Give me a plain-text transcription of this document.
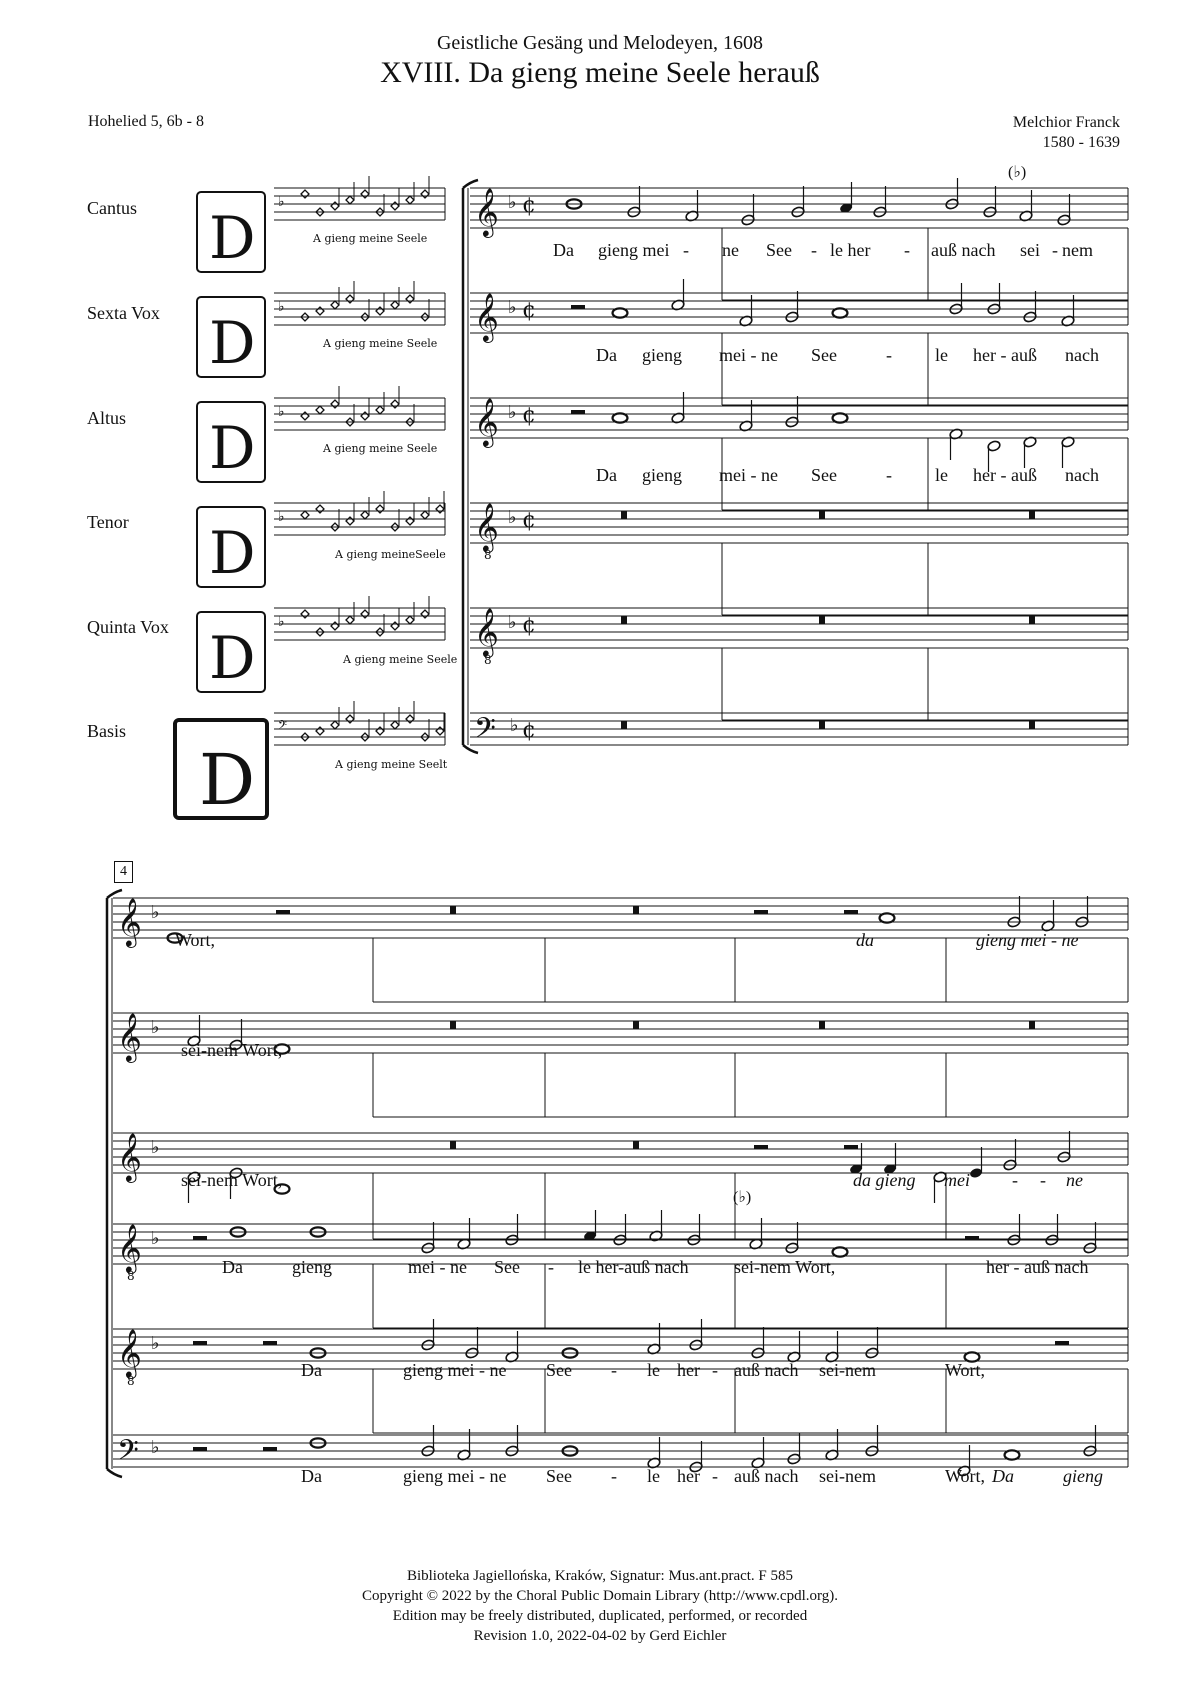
Geistliche Gesäng und Melodeyen, 1608
XVIII. Da gieng meine Seele herauß
Hohelied 5, 6b - 8	Melchior Franck
1580 - 1639
Cantus
Sexta Vox
Altus
Tenor
Quinta Vox
Basis
A gieng meine Seele
A gieng meine Seele
A gieng meine Seele
A gieng meineSeele
A gieng meine Seele
A gieng meine Seelt
D
D
D
D
D
D
♭
♭
♭
♭
♭
𝄢
𝄞 ♭ ¢
𝄞 ♭ ¢
𝄞 ♭ ¢
𝄞
8
♭ ¢
𝄞
8
♭ ¢
𝄢 ♭ ¢
𝄞 ♭
𝄞 ♭
𝄞 ♭
𝄞
8
♭
𝄞
8
♭
𝄢 ♭
Da gieng mei - ne See - le her - auß nach sei - nem
Da gieng mei - ne See	- le her - auß nach
Da gieng mei - ne See	- le her - auß nach
4
(♭)
(♭)
Wort,	da	gieng mei - ne
sei-nem Wort,
sei-nem Wort,	da gieng mei - - ne
Da	gieng	mei - ne See - le her-auß nach	sei-nem Wort,	her - auß nach
Da	gieng mei - ne See - le her - auß nach sei-nem	Wort,
Da	gieng mei - ne See - le her - auß nach sei-nem	Wort, Da	gieng
Biblioteka Jagiellońska, Kraków, Signatur: Mus.ant.pract. F 585
Copyright © 2022 by the Choral Public Domain Library (http://www.cpdl.org).
Edition may be freely distributed, duplicated, performed, or recorded
Revision 1.0, 2022-04-02 by Gerd Eichler
